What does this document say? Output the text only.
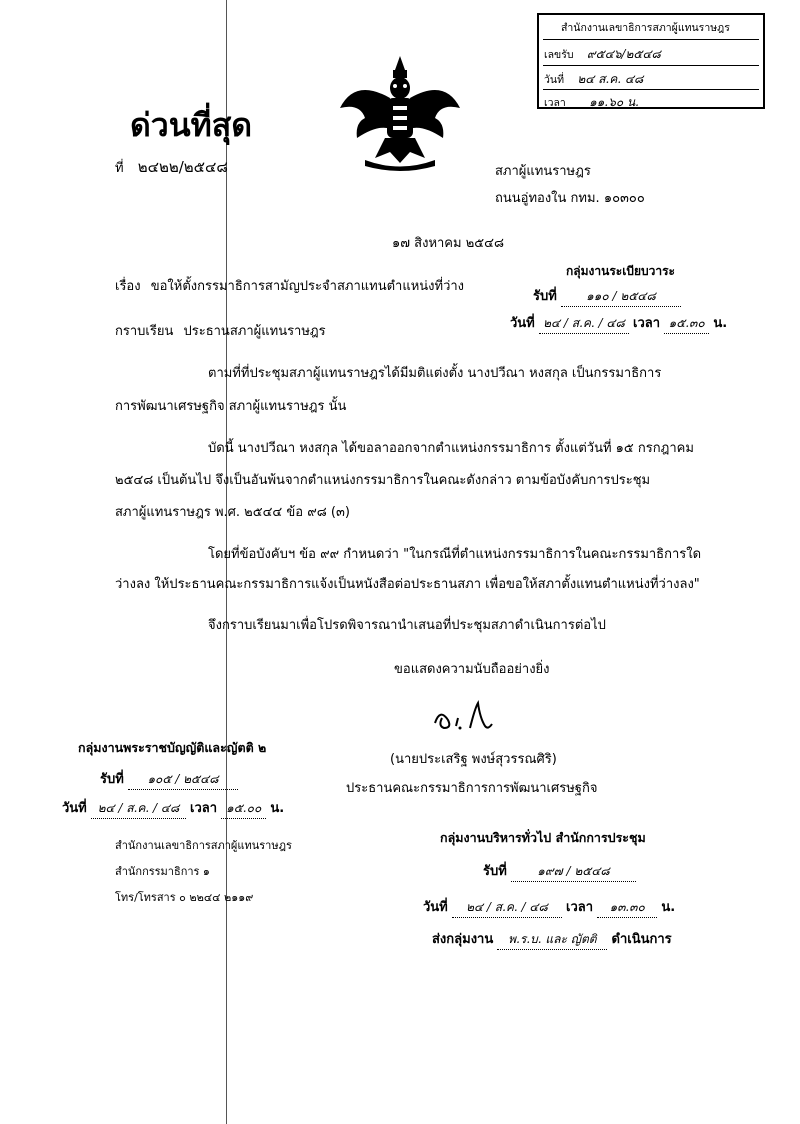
สำนักงานเลขาธิการสภาผู้แทนราษฎร
เลขรับ ๙๕๔๖/๒๕๔๘
วันที่ ๒๔ ส.ค. ๔๘
เวลา ๑๑.๖๐ น.
ด่วนที่สุด
ที่ ๒๔๒๒/๒๕๔๘	สภาผู้แทนราษฎร
ถนนอู่ทองใน กทม. ๑๐๓๐๐
๑๗ สิงหาคม ๒๕๔๘
กลุ่มงานระเบียบวาระ
รับที่ ๑๑๐ / ๒๕๔๘
วันที่ ๒๔ / ส.ค. / ๔๘ เวลา ๑๕.๓๐ น.
เรื่อง ขอให้ตั้งกรรมาธิการสามัญประจำสภาแทนตำแหน่งที่ว่าง
กราบเรียน ประธานสภาผู้แทนราษฎร
ตามที่ที่ประชุมสภาผู้แทนราษฎรได้มีมติแต่งตั้ง นางปวีณา หงสกุล เป็นกรรมาธิการ
การพัฒนาเศรษฐกิจ สภาผู้แทนราษฎร นั้น
บัดนี้ นางปวีณา หงสกุล ได้ขอลาออกจากตำแหน่งกรรมาธิการ ตั้งแต่วันที่ ๑๕ กรกฎาคม
๒๕๔๘ เป็นต้นไป จึงเป็นอันพ้นจากตำแหน่งกรรมาธิการในคณะดังกล่าว ตามข้อบังคับการประชุม
สภาผู้แทนราษฎร พ.ศ. ๒๕๔๔ ข้อ ๙๘ (๓)
โดยที่ข้อบังคับฯ ข้อ ๙๙ กำหนดว่า "ในกรณีที่ตำแหน่งกรรมาธิการในคณะกรรมาธิการใด
ว่างลง ให้ประธานคณะกรรมาธิการแจ้งเป็นหนังสือต่อประธานสภา เพื่อขอให้สภาตั้งแทนตำแหน่งที่ว่างลง"
จึงกราบเรียนมาเพื่อโปรดพิจารณานำเสนอที่ประชุมสภาดำเนินการต่อไป
ขอแสดงความนับถืออย่างยิ่ง
(นายประเสริฐ พงษ์สุวรรณศิริ)
ประธานคณะกรรมาธิการการพัฒนาเศรษฐกิจ
กลุ่มงานพระราชบัญญัติและญัตติ ๒
รับที่ ๑๐๕ / ๒๕๔๘
วันที่ ๒๔ / ส.ค. / ๔๘ เวลา ๑๕.๐๐ น.
สำนักงานเลขาธิการสภาผู้แทนราษฎร
สำนักกรรมาธิการ ๑
โทร/โทรสาร ๐ ๒๒๔๔ ๒๑๑๙
กลุ่มงานบริหารทั่วไป สำนักการประชุม
รับที่	๑๙๗ / ๒๕๔๘
วันที่ ๒๔ / ส.ค. / ๔๘ เวลา ๑๓.๓๐ น.
ส่งกลุ่มงาน พ.ร.บ. และ ญัตติ ดำเนินการ
